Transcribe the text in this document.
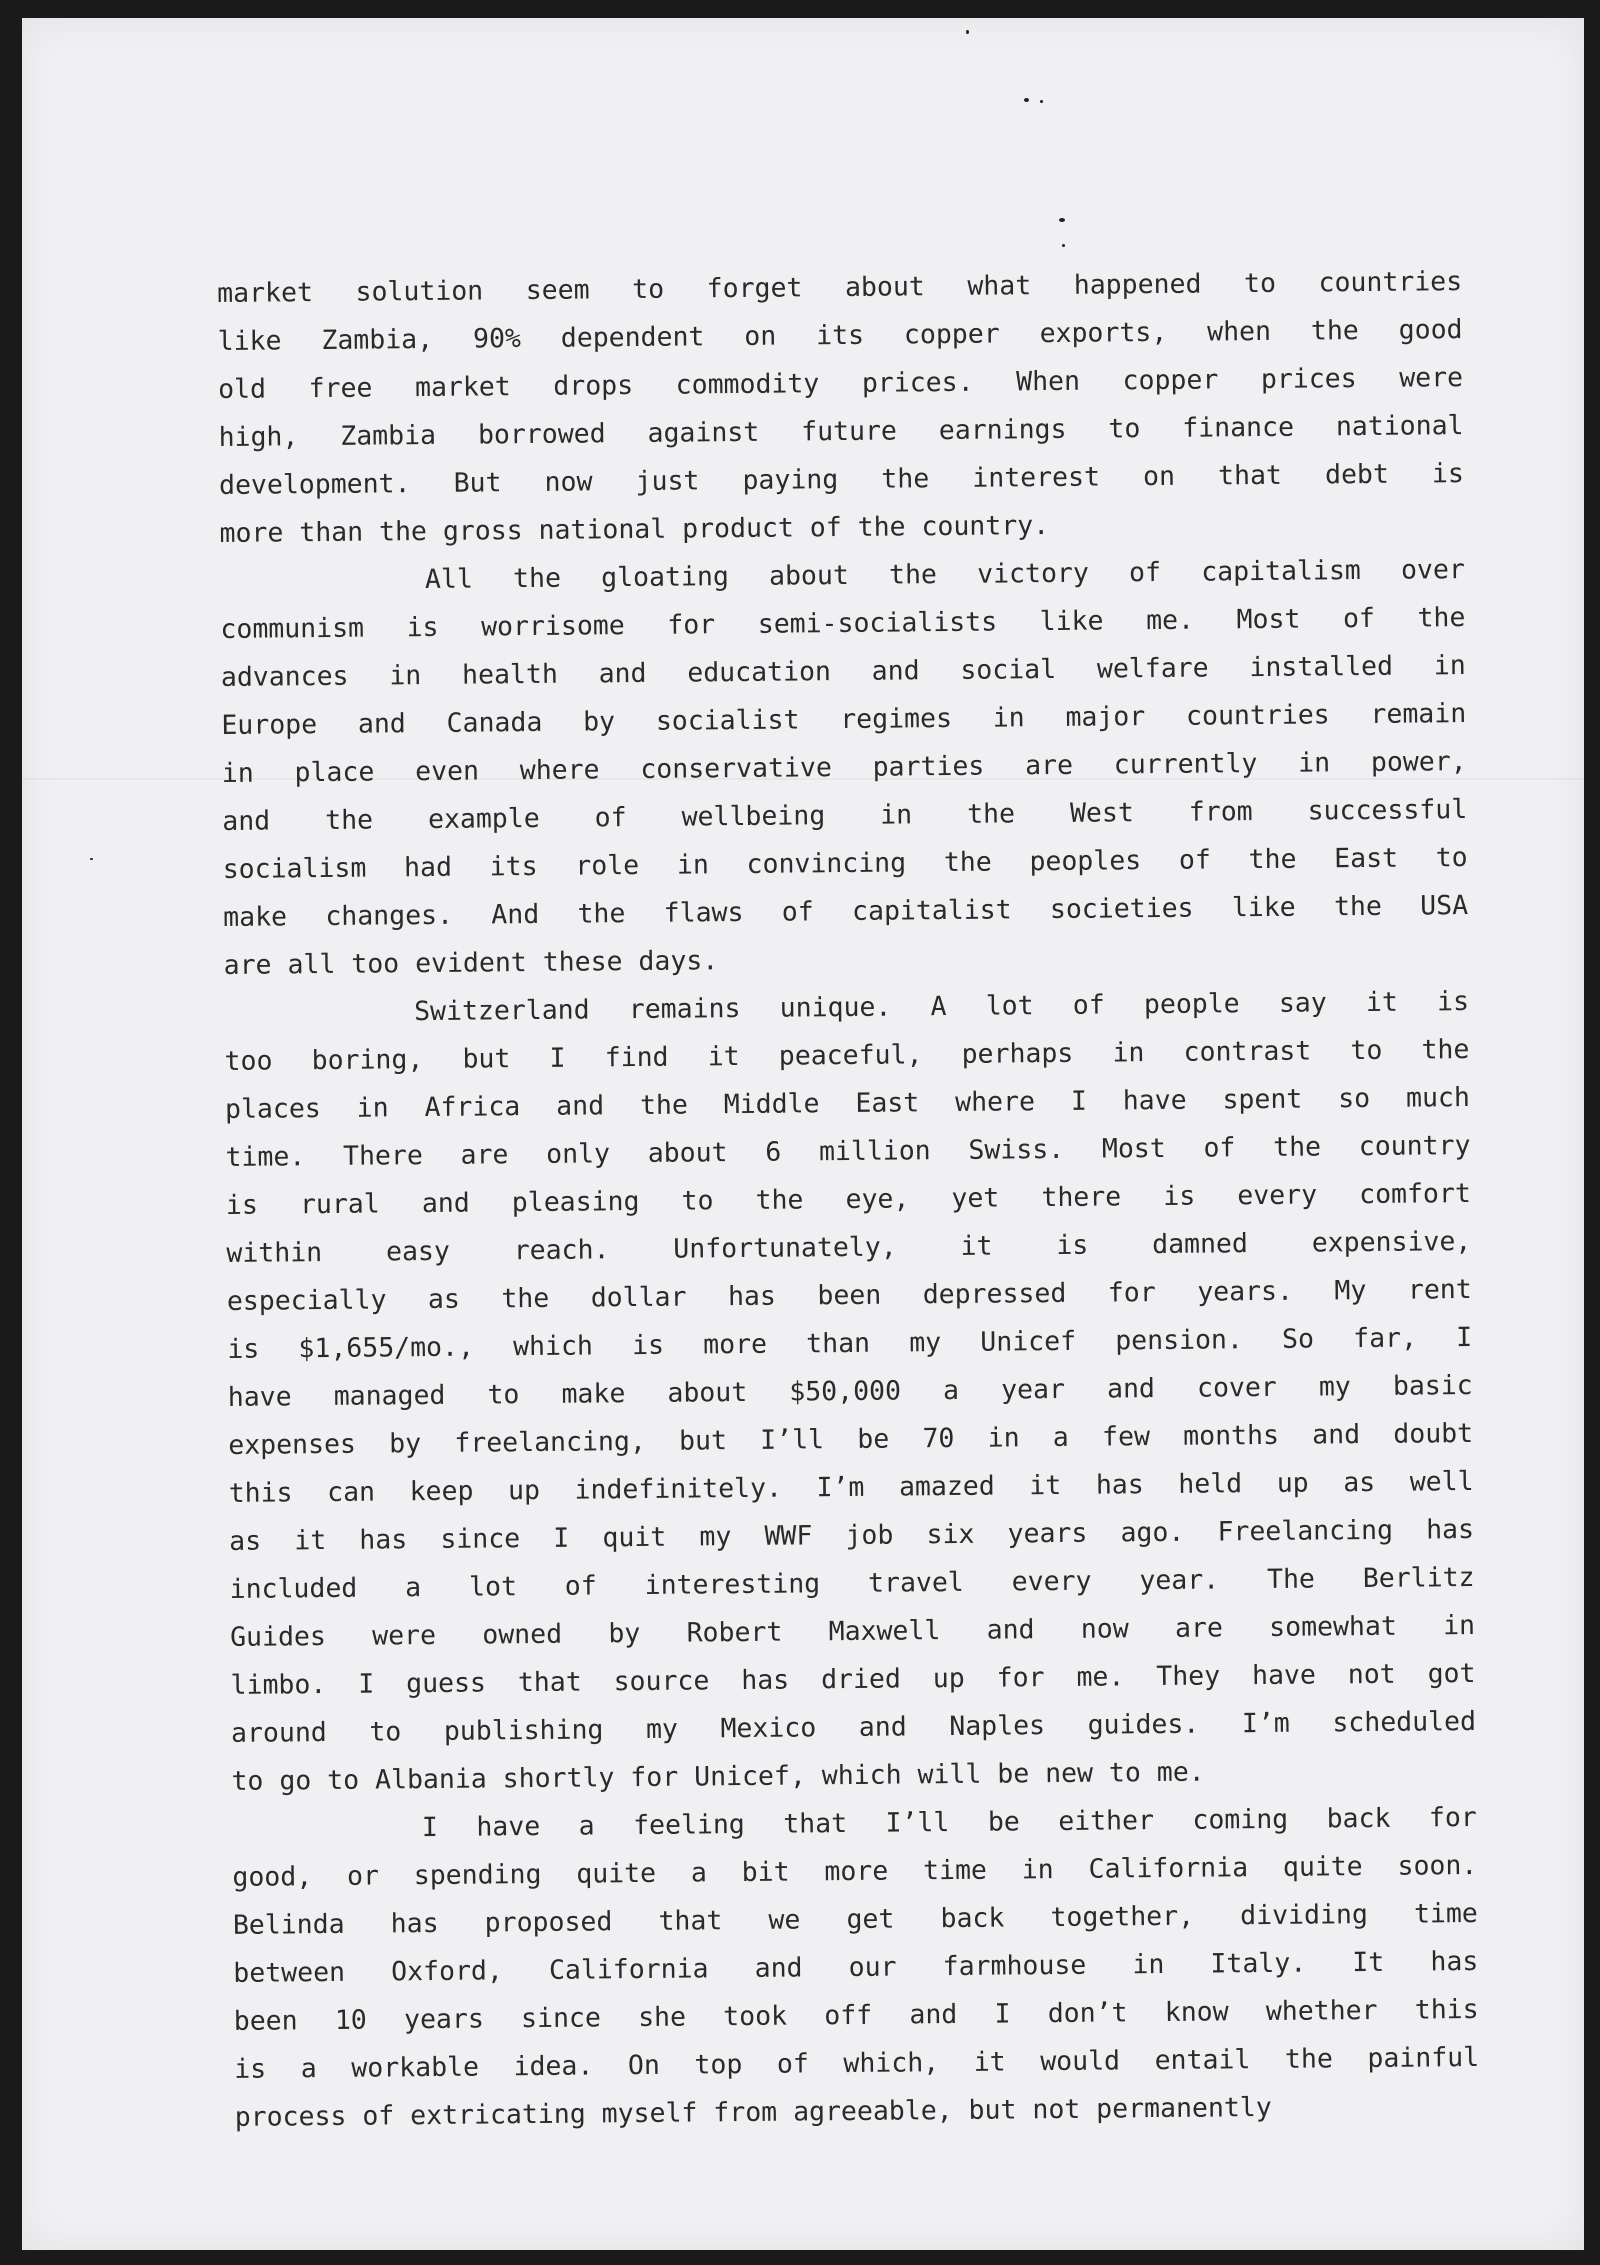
market solution seem to forget about what happened to countries
like Zambia, 90% dependent on its copper exports, when the good
old free market drops commodity prices. When copper prices were
high, Zambia borrowed against future earnings to finance national
development. But now just paying the interest on that debt is
more than the gross national product of the country.
All the gloating about the victory of capitalism over
communism is worrisome for semi-socialists like me. Most of the
advances in health and education and social welfare installed in
Europe and Canada by socialist regimes in major countries remain
in place even where conservative parties are currently in power,
and the example of wellbeing in the West from successful
socialism had its role in convincing the peoples of the East to
make changes. And the flaws of capitalist societies like the USA
are all too evident these days.
Switzerland remains unique. A lot of people say it is
too boring, but I find it peaceful, perhaps in contrast to the
places in Africa and the Middle East where I have spent so much
time. There are only about 6 million Swiss. Most of the country
is rural and pleasing to the eye, yet there is every comfort
within easy reach. Unfortunately, it is damned expensive,
especially as the dollar has been depressed for years. My rent
is $1,655/mo., which is more than my Unicef pension. So far, I
have managed to make about $50,000 a year and cover my basic
expenses by freelancing, but I’ll be 70 in a few months and doubt
this can keep up indefinitely. I’m amazed it has held up as well
as it has since I quit my WWF job six years ago. Freelancing has
included a lot of interesting travel every year. The Berlitz
Guides were owned by Robert Maxwell and now are somewhat in
limbo. I guess that source has dried up for me. They have not got
around to publishing my Mexico and Naples guides. I’m scheduled
to go to Albania shortly for Unicef, which will be new to me.
I have a feeling that I’ll be either coming back for
good, or spending quite a bit more time in California quite soon.
Belinda has proposed that we get back together, dividing time
between Oxford, California and our farmhouse in Italy. It has
been 10 years since she took off and I don’t know whether this
is a workable idea. On top of which, it would entail the painful
process of extricating myself from agreeable, but not permanently
